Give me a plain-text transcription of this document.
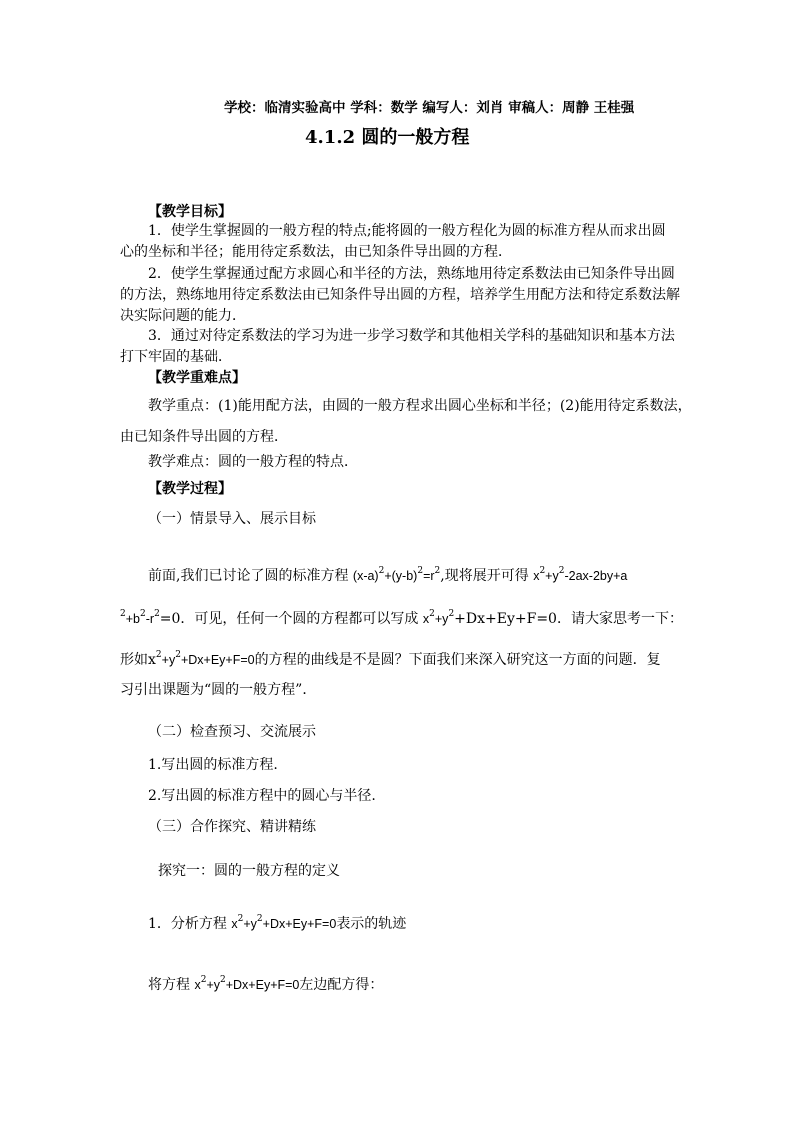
学校：临清实验高中 学科：数学 编写人：刘肖 审稿人：周静 王桂强
4.1.2 圆的一般方程
【教学目标】
1．使学生掌握圆的一般方程的特点;能将圆的一般方程化为圆的标准方程从而求出圆
心的坐标和半径；能用待定系数法，由已知条件导出圆的方程．
2．使学生掌握通过配方求圆心和半径的方法，熟练地用待定系数法由已知条件导出圆
的方法，熟练地用待定系数法由已知条件导出圆的方程，培养学生用配方法和待定系数法解
决实际问题的能力．
3．通过对待定系数法的学习为进一步学习数学和其他相关学科的基础知识和基本方法
打下牢固的基础．
【教学重难点】
教学重点：(1)能用配方法，由圆的一般方程求出圆心坐标和半径；(2)能用待定系数法，
由已知条件导出圆的方程．
教学难点：圆的一般方程的特点．
【教学过程】
（一）情景导入、展示目标
前面,我们已讨论了圆的标准方程 $(x-a)^2+(y-b)^2=r^2$,现将展开可得 $x^2+y^2-2ax-2by+a$
$^2+b^2-r^2=0$．可见，任何一个圆的方程都可以写成 $x^2+y^2+Dx+Ey+F=0$．请大家思考一下：
形如$x^2+y^2+Dx+Ey+F=0$的方程的曲线是不是圆？下面我们来深入研究这一方面的问题．复
习引出课题为“圆的一般方程”．
（二）检查预习、交流展示
1.写出圆的标准方程.
2.写出圆的标准方程中的圆心与半径.
（三）合作探究、精讲精练
探究一：圆的一般方程的定义
1．分析方程 $x^2+y^2+Dx+Ey+F=0$表示的轨迹
将方程 $x^2+y^2+Dx+Ey+F=0$左边配方得：
